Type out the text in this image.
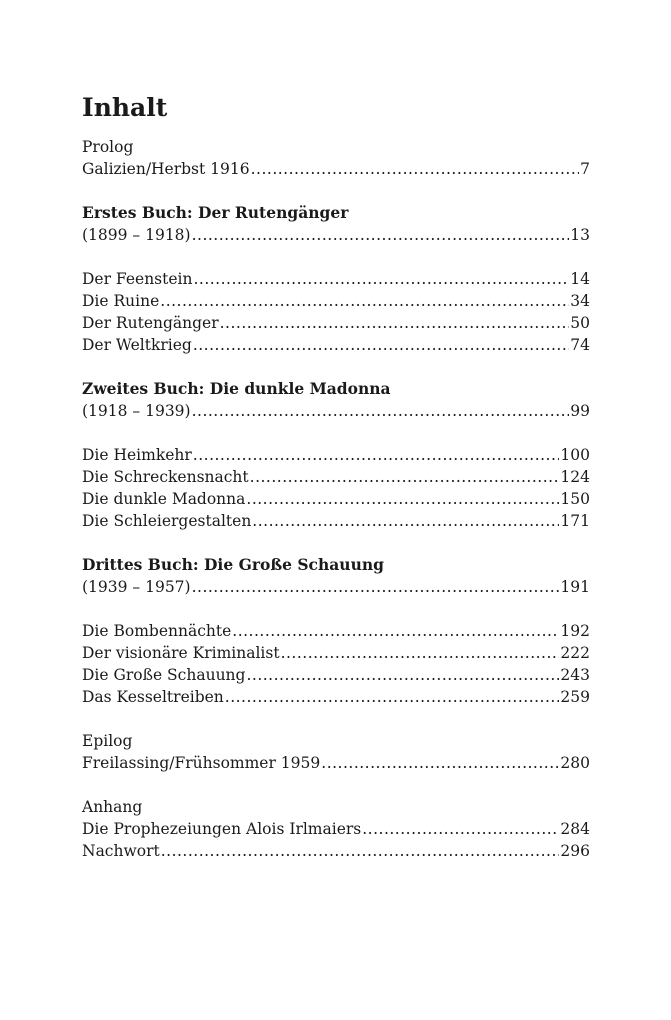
Inhalt
Prolog
Galizien/Herbst 1916 .....	7
Erstes Buch: Der Rutengänger
(1899 – 1918) .....	13
Der Feenstein .....	14
Die Ruine .....	34
Der Rutengänger .....	50
Der Weltkrieg .....	74
Zweites Buch: Die dunkle Madonna
(1918 – 1939) .....	99
Die Heimkehr .....	100
Die Schreckensnacht .....	124
Die dunkle Madonna .....	150
Die Schleiergestalten .....	171
Drittes Buch: Die Große Schauung
(1939 – 1957) .....	191
Die Bombennächte .....	192
Der visionäre Kriminalist .....	222
Die Große Schauung .....	243
Das Kesseltreiben .....	259
Epilog
Freilassing/Frühsommer 1959 .....	280
Anhang
Die Prophezeiungen Alois Irlmaiers .....	284
Nachwort .....	296
